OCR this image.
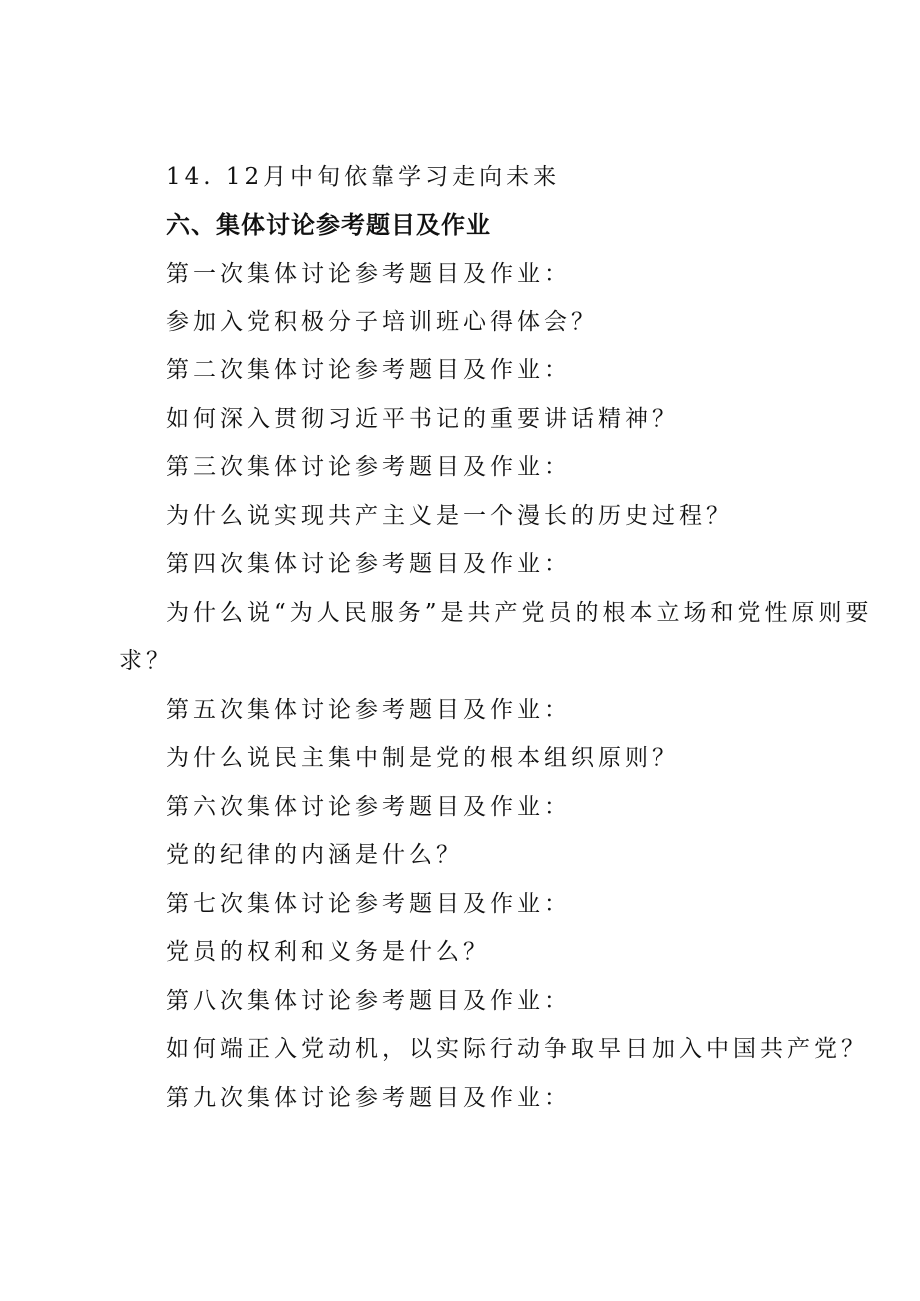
14. 12月中旬依靠学习走向未来

六、集体讨论参考题目及作业

第一次集体讨论参考题目及作业：

参加入党积极分子培训班心得体会？

第二次集体讨论参考题目及作业：

如何深入贯彻习近平书记的重要讲话精神？

第三次集体讨论参考题目及作业：

为什么说实现共产主义是一个漫长的历史过程？

第四次集体讨论参考题目及作业：

为什么说“为人民服务”是共产党员的根本立场和党性原则要

求？

第五次集体讨论参考题目及作业：

为什么说民主集中制是党的根本组织原则？

第六次集体讨论参考题目及作业：

党的纪律的内涵是什么？

第七次集体讨论参考题目及作业：

党员的权利和义务是什么？

第八次集体讨论参考题目及作业：

如何端正入党动机，以实际行动争取早日加入中国共产党？

第九次集体讨论参考题目及作业：
